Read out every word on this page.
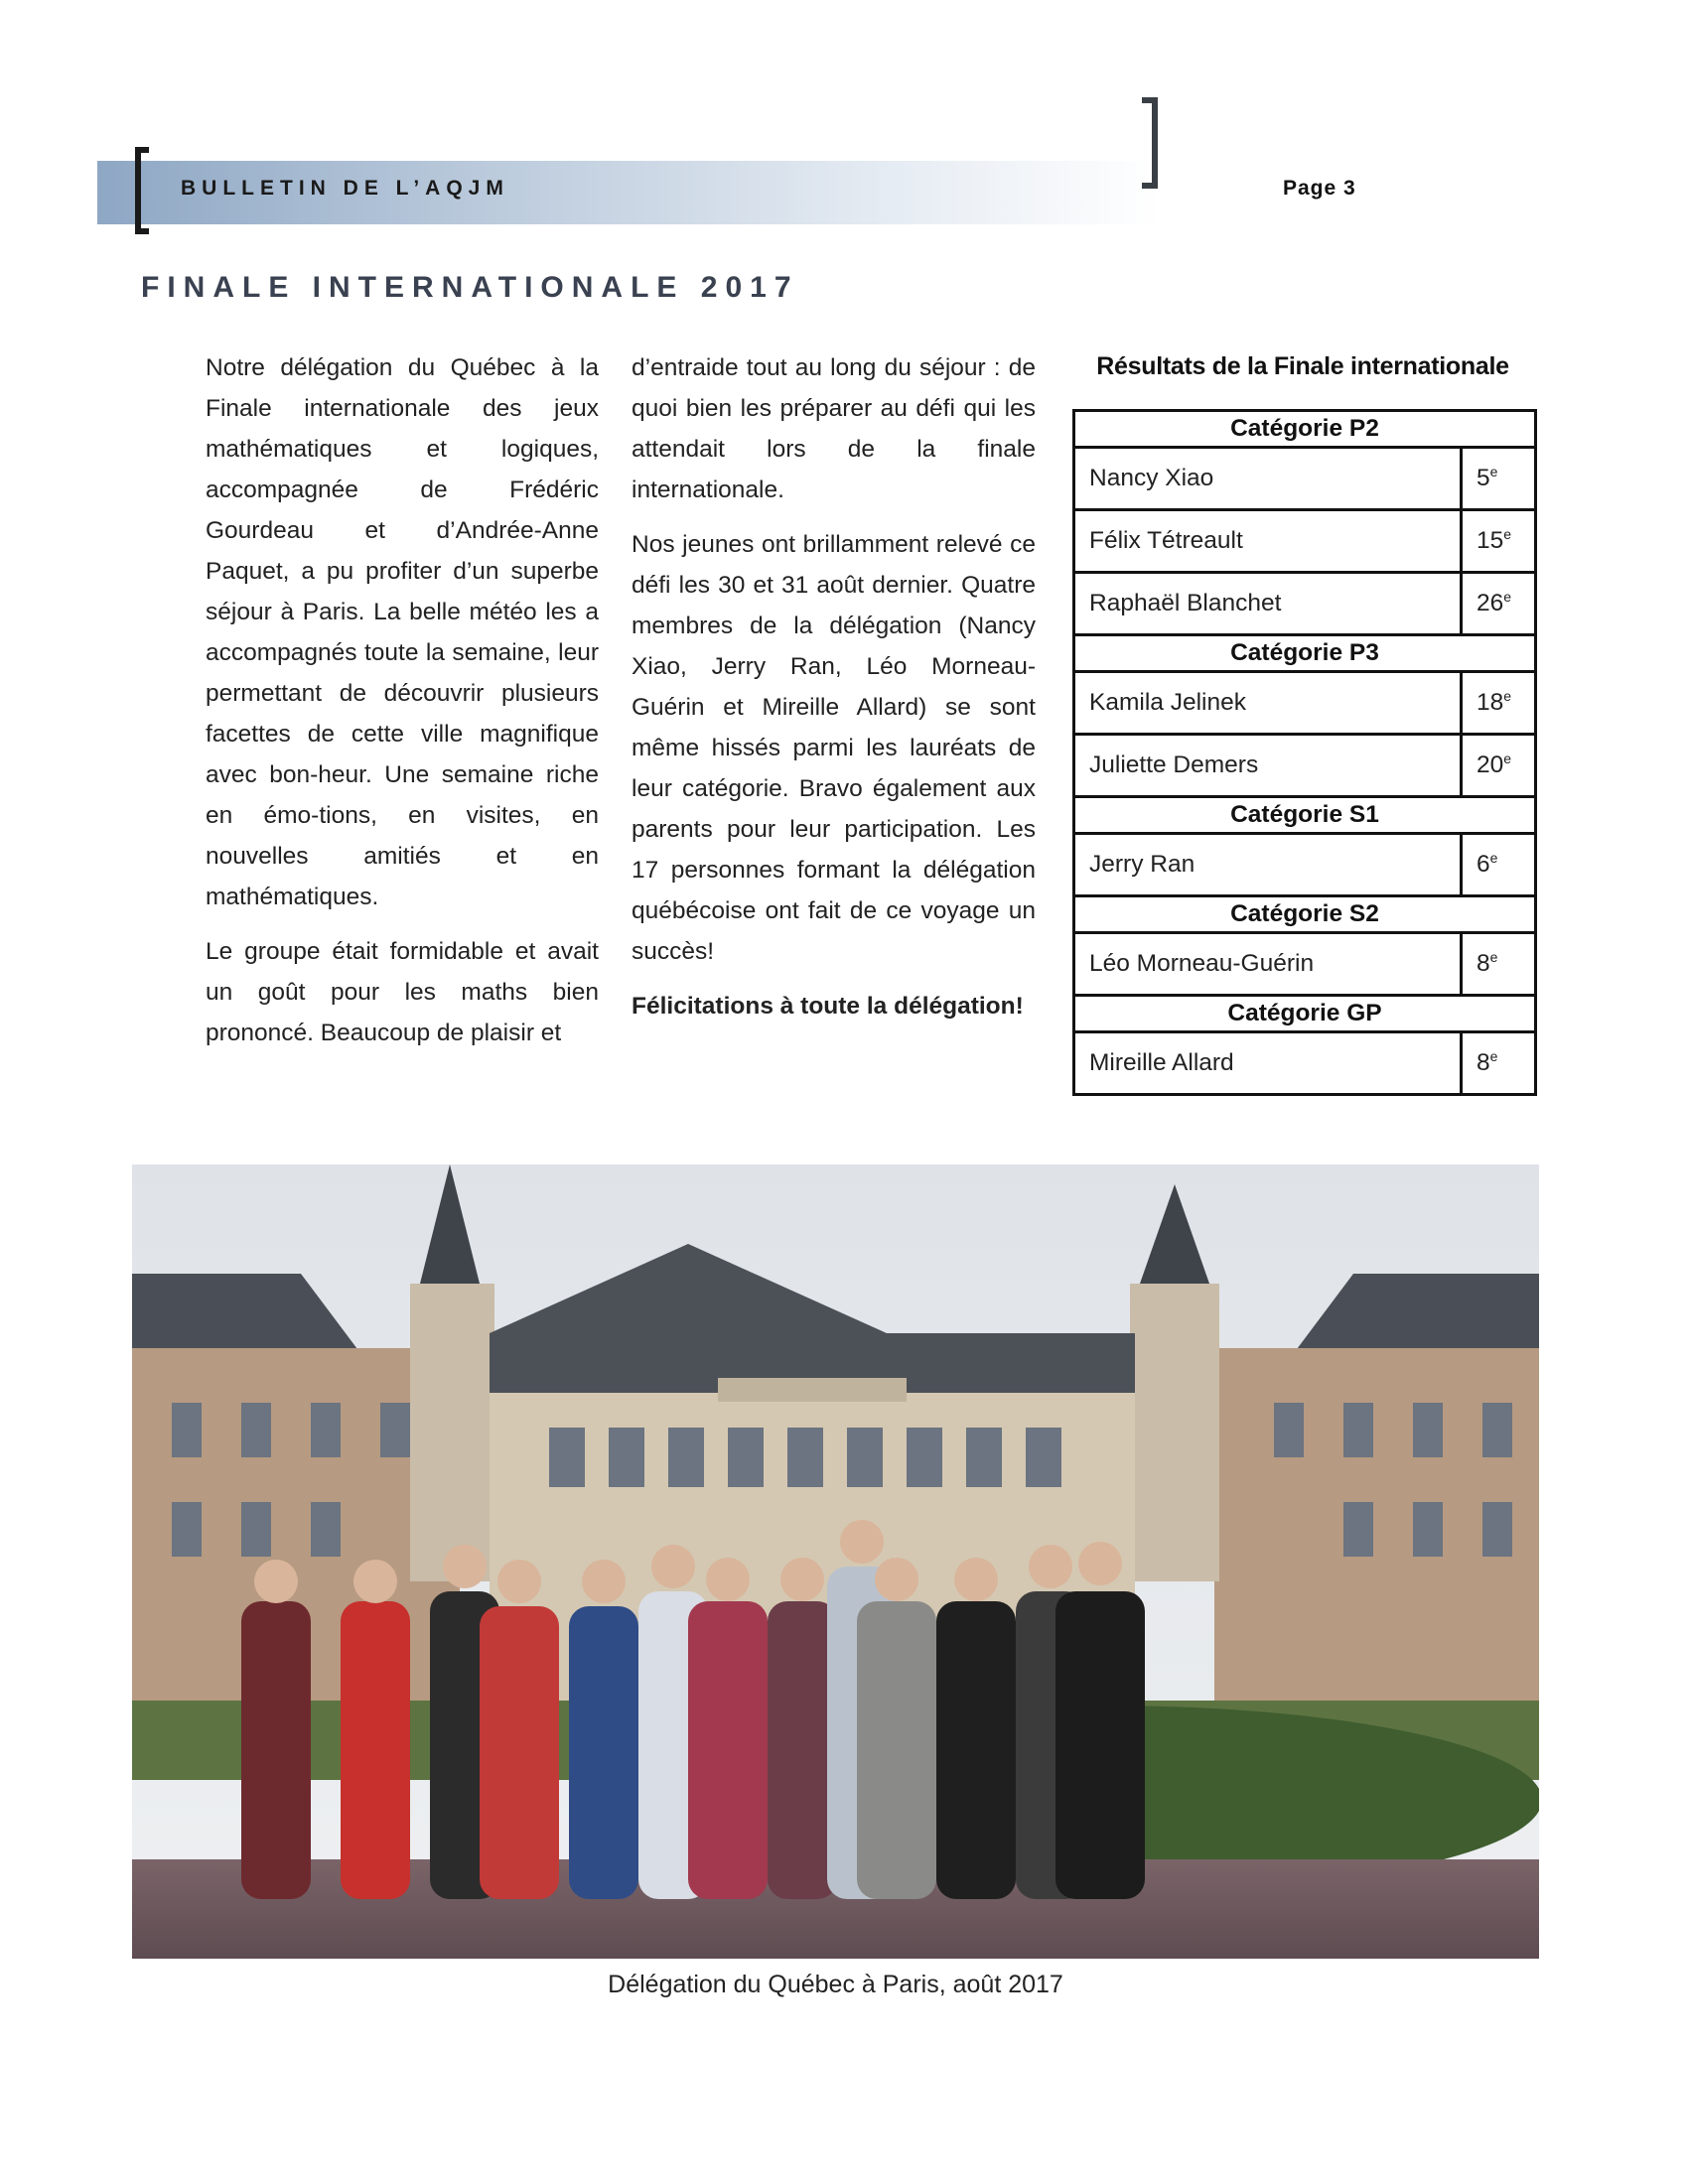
BULLETIN DE L’AQJM	Page 3
FINALE INTERNATIONALE 2017

Notre délégation du Québec à la Finale internationale des jeux mathématiques et logiques, accompagnée de Frédéric Gourdeau et d’Andrée-Anne Paquet, a pu profiter d’un superbe séjour à Paris. La belle météo les a accompagnés toute la semaine, leur permettant de découvrir plusieurs facettes de cette ville magnifique avec bon-heur. Une semaine riche en émo-tions, en visites, en nouvelles amitiés et en mathématiques.

Le groupe était formidable et avait un goût pour les maths bien prononcé. Beaucoup de plaisir et

d’entraide tout au long du séjour : de quoi bien les préparer au défi qui les attendait lors de la finale internationale.

Nos jeunes ont brillamment relevé ce défi les 30 et 31 août dernier. Quatre membres de la délégation (Nancy Xiao, Jerry Ran, Léo Morneau-Guérin et Mireille Allard) se sont même hissés parmi les lauréats de leur catégorie. Bravo également aux parents pour leur participation. Les 17 personnes formant la délégation québécoise ont fait de ce voyage un succès!

Félicitations à toute la délégation!

Résultats de la Finale internationale
Catégorie P2	
Nancy Xiao	5e
Félix Tétreault	15e
Raphaël Blanchet	26e
Catégorie P3	
Kamila Jelinek	18e
Juliette Demers	20e
Catégorie S1	
Jerry Ran	6e
Catégorie S2	
Léo Morneau-Guérin	8e
Catégorie GP	
Mireille Allard	8e
Délégation du Québec à Paris, août 2017
